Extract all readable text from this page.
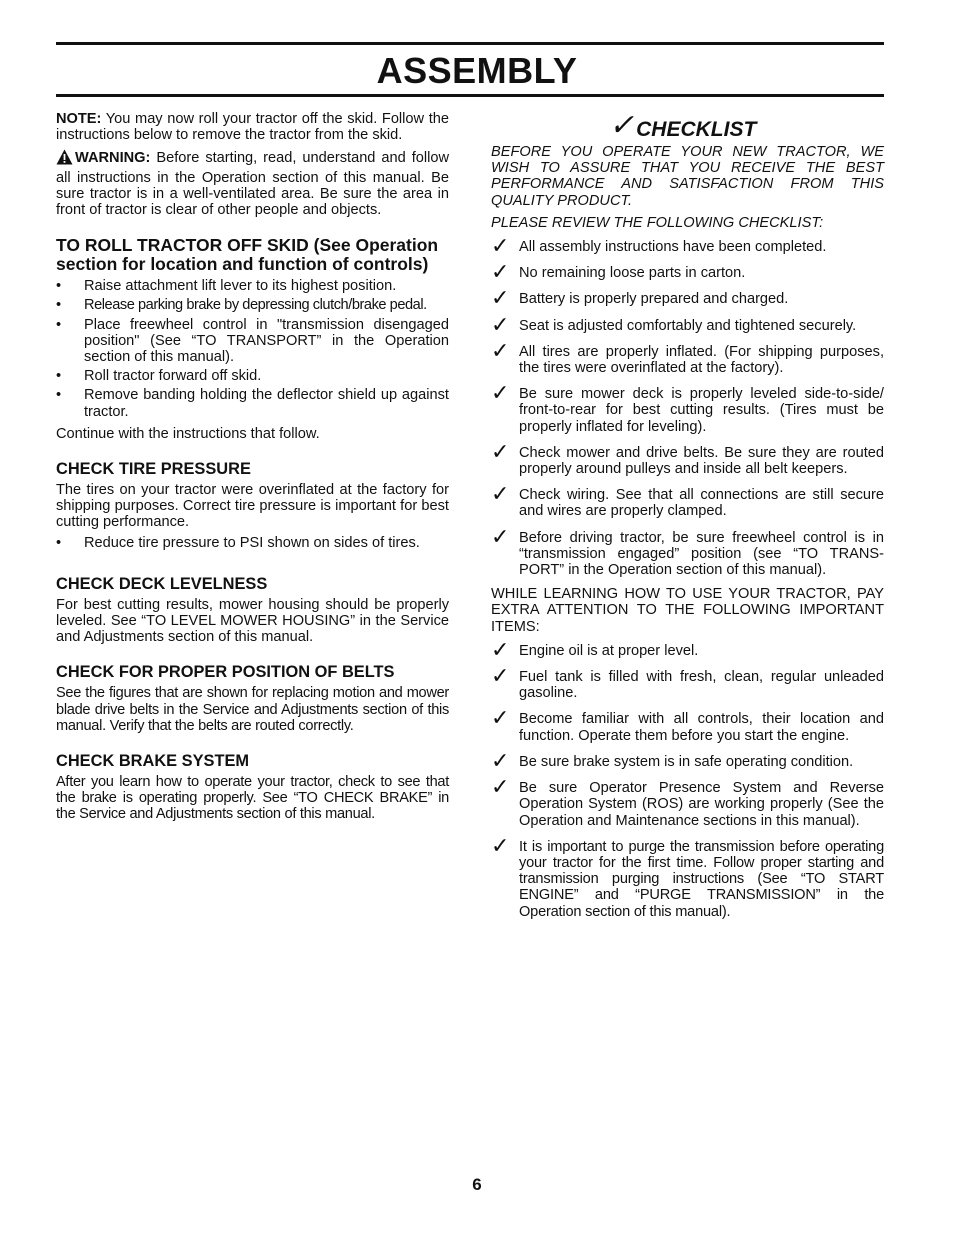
ASSEMBLY

NOTE: You may now roll your tractor off the skid. Follow the instructions below to remove the tractor from the skid.

WARNING: Before starting, read, understand and follow all instructions in the Operation section of this manual. Be sure tractor is in a well-ventilated area. Be sure the area in front of tractor is clear of other people and objects.

TO ROLL TRACTOR OFF SKID (See Operation section for location and function of controls)
• Raise attachment lift lever to its highest position.
• Release parking brake by depressing clutch/brake pedal.
• Place freewheel control in "transmission disengaged position" (See “TO TRANSPORT” in the Operation section of this manual).
• Roll tractor forward off skid.
• Remove banding holding the deflector shield up against tractor.

Continue with the instructions that follow.

CHECK TIRE PRESSURE

The tires on your tractor were overinflated at the factory for shipping purposes. Correct tire pressure is important for best cutting performance.

• Reduce tire pressure to PSI shown on sides of tires.
CHECK DECK LEVELNESS

For best cutting results, mower housing should be properly leveled. See “TO LEVEL MOWER HOUSING” in the Service and Adjustments section of this manual.

CHECK FOR PROPER POSITION OF BELTS

See the figures that are shown for replacing motion and mower blade drive belts in the Service and Adjustments section of this manual. Verify that the belts are routed correctly.

CHECK BRAKE SYSTEM

After you learn how to operate your tractor, check to see that the brake is operating properly. See “TO CHECK BRAKE” in the Service and Adjustments section of this manual.

✓ CHECKLIST

BEFORE YOU OPERATE YOUR NEW TRACTOR, WE WISH TO ASSURE THAT YOU RECEIVE THE BEST PERFORMANCE AND SATISFACTION FROM THIS QUALITY PRODUCT.

PLEASE REVIEW THE FOLLOWING CHECKLIST:

✓ All assembly instructions have been completed.
✓ No remaining loose parts in carton.
✓ Battery is properly prepared and charged.
✓ Seat is adjusted comfortably and tightened securely.
✓ All tires are properly inflated. (For shipping purposes, the tires were overinflated at the factory).
✓ Be sure mower deck is properly leveled side-to-side/ front-to-rear for best cutting results. (Tires must be properly inflated for leveling).
✓ Check mower and drive belts. Be sure they are routed properly around pulleys and inside all belt keepers.
✓ Check wiring. See that all connections are still secure and wires are properly clamped.
✓ Before driving tractor, be sure freewheel control is in “transmission engaged” position (see “TO TRANS-PORT” in the Operation section of this manual).

WHILE LEARNING HOW TO USE YOUR TRACTOR, PAY EXTRA ATTENTION TO THE FOLLOWING IMPORTANT ITEMS:

✓ Engine oil is at proper level.
✓ Fuel tank is filled with fresh, clean, regular unleaded gasoline.
✓ Become familiar with all controls, their location and function. Operate them before you start the engine.
✓ Be sure brake system is in safe operating condition.
✓ Be sure Operator Presence System and Reverse Operation System (ROS) are working properly (See the Operation and Maintenance sections in this manual).
✓ It is important to purge the transmission before operating your tractor for the first time. Follow proper starting and transmission purging instructions (See “TO START ENGINE” and “PURGE TRANSMISSION” in the Operation section of this manual).
6
